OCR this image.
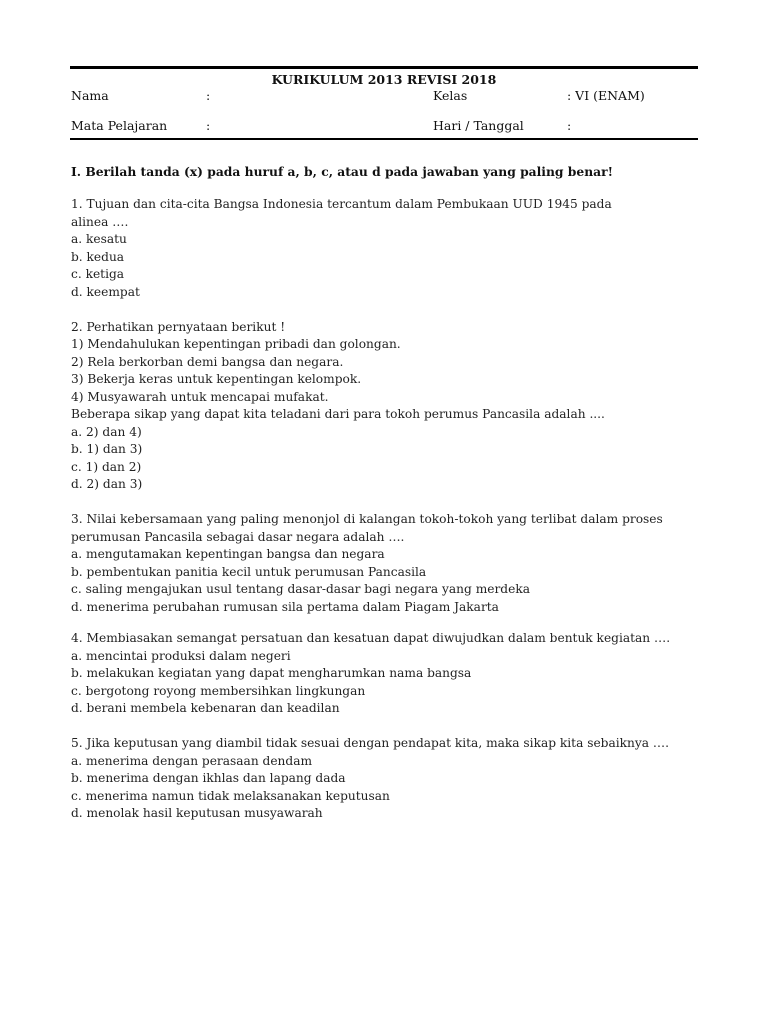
KURIKULUM 2013 REVISI 2018
Nama	:	Kelas	: VI (ENAM)
Mata Pelajaran	:	Hari / Tanggal	:
I. Berilah tanda (x) pada huruf a, b, c, atau d pada jawaban yang paling benar!
1. Tujuan dan cita-cita Bangsa Indonesia tercantum dalam Pembukaan UUD 1945 pada
alinea ….
a. kesatu
b. kedua
c. ketiga
d. keempat
2. Perhatikan pernyataan berikut !
1) Mendahulukan kepentingan pribadi dan golongan.
2) Rela berkorban demi bangsa dan negara.
3) Bekerja keras untuk kepentingan kelompok.
4) Musyawarah untuk mencapai mufakat.
Beberapa sikap yang dapat kita teladani dari para tokoh perumus Pancasila adalah ....
a. 2) dan 4)
b. 1) dan 3)
c. 1) dan 2)
d. 2) dan 3)
3. Nilai kebersamaan yang paling menonjol di kalangan tokoh-tokoh yang terlibat dalam proses
perumusan Pancasila sebagai dasar negara adalah ….
a. mengutamakan kepentingan bangsa dan negara
b. pembentukan panitia kecil untuk perumusan Pancasila
c. saling mengajukan usul tentang dasar-dasar bagi negara yang merdeka
d. menerima perubahan rumusan sila pertama dalam Piagam Jakarta
4. Membiasakan semangat persatuan dan kesatuan dapat diwujudkan dalam bentuk kegiatan ….
a. mencintai produksi dalam negeri
b. melakukan kegiatan yang dapat mengharumkan nama bangsa
c. bergotong royong membersihkan lingkungan
d. berani membela kebenaran dan keadilan
5. Jika keputusan yang diambil tidak sesuai dengan pendapat kita, maka sikap kita sebaiknya ….
a. menerima dengan perasaan dendam
b. menerima dengan ikhlas dan lapang dada
c. menerima namun tidak melaksanakan keputusan
d. menolak hasil keputusan musyawarah
